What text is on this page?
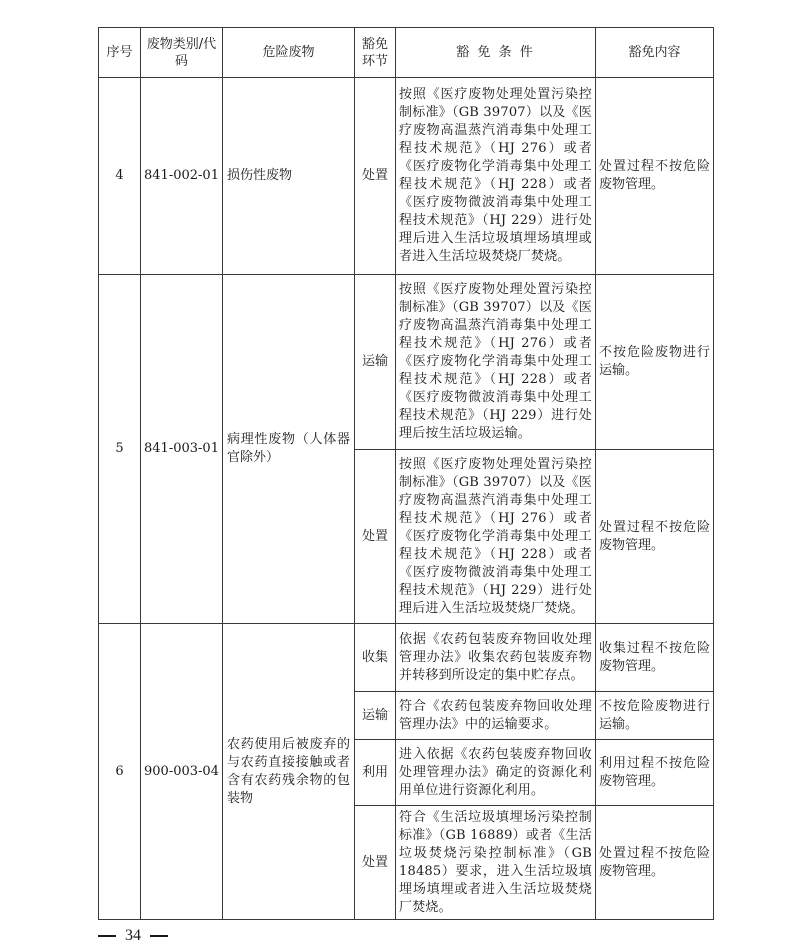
序号	废物类别/代码	危险废物	豁免环节	豁 免 条 件	豁免内容
4	841-002-01	损伤性废物	处置	按照《医疗废物处理处置污染控制标准》（GB 39707）以及《医疗废物高温蒸汽消毒集中处理工程技术规范》（HJ 276）或者《医疗废物化学消毒集中处理工程技术规范》（HJ 228）或者《医疗废物微波消毒集中处理工程技术规范》（HJ 229）进行处理后进入生活垃圾填埋场填埋或者进入生活垃圾焚烧厂焚烧。	处置过程不按危险废物管理。
5	841-003-01	病理性废物（人体器官除外）	运输	按照《医疗废物处理处置污染控制标准》（GB 39707）以及《医疗废物高温蒸汽消毒集中处理工程技术规范》（HJ 276）或者《医疗废物化学消毒集中处理工程技术规范》（HJ 228）或者《医疗废物微波消毒集中处理工程技术规范》（HJ 229）进行处理后按生活垃圾运输。	不按危险废物进行运输。
			处置	按照《医疗废物处理处置污染控制标准》（GB 39707）以及《医疗废物高温蒸汽消毒集中处理工程技术规范》（HJ 276）或者《医疗废物化学消毒集中处理工程技术规范》（HJ 228）或者《医疗废物微波消毒集中处理工程技术规范》（HJ 229）进行处理后进入生活垃圾焚烧厂焚烧。	处置过程不按危险废物管理。
6	900-003-04	农药使用后被废弃的与农药直接接触或者含有农药残余物的包装物	收集	依据《农药包装废弃物回收处理管理办法》收集农药包装废弃物并转移到所设定的集中贮存点。	收集过程不按危险废物管理。
			运输	符合《农药包装废弃物回收处理管理办法》中的运输要求。	不按危险废物进行运输。
			利用	进入依据《农药包装废弃物回收处理管理办法》确定的资源化利用单位进行资源化利用。	利用过程不按危险废物管理。
			处置	符合《生活垃圾填埋场污染控制标准》（GB 16889）或者《生活垃圾焚烧污染控制标准》（GB 18485）要求，进入生活垃圾填埋场填埋或者进入生活垃圾焚烧厂焚烧。	处置过程不按危险废物管理。
34
